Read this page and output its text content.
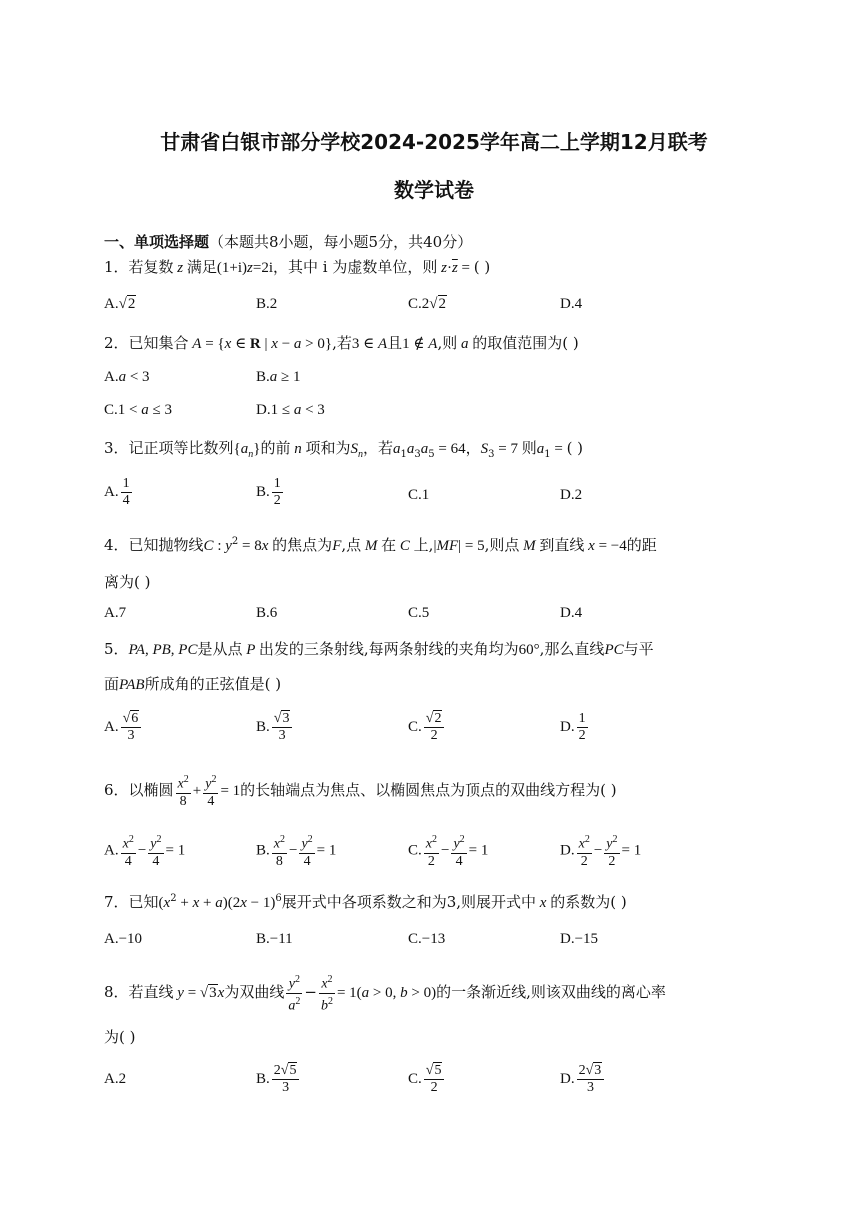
甘肃省白银市部分学校2024-2025学年高二上学期12月联考
数学试卷
一、单项选择题（本题共8小题，每小题5分，共40分）
1．若复数 z 满足(1+i)z=2i，其中 i 为虚数单位，则 $z\cdot\overline{z}$ = ( )
A.√2	B.2	C.2√2	D.4
2．已知集合 A = {x ∈ R | x − a > 0},若3 ∈ A且1 ∉ A,则 a 的取值范围为( )
A.a < 3	B.a ≥ 1
C.1 < a ≤ 3	D.1 ≤ a < 3
3．记正项等比数列$\{a_n\}$的前 n 项和为$S_n$，若$a_1a_3a_5 = 64$，$S_3 = 7$ 则$a_1$ = ( )
A. $\frac{1}{4}$	B. $\frac{1}{2}$	C.1	D.2
4．已知抛物线C : $y^2 = 8x$ 的焦点为F,点 M 在 C 上,|MF| = 5,则点 M 到直线 x = −4的距
离为( )
A.7	B.6	C.5	D.4
5．PA, PB, PC是从点 P 出发的三条射线,每两条射线的夹角均为60°,那么直线PC与平
面PAB所成角的正弦值是( )
A. $\frac{√6}{3}$	B. $\frac{√3}{3}$	C. $\frac{√2}{2}$	D. $\frac{1}{2}$
6．以椭圆 $\frac{x^2}{8} + \frac{y^2}{4} = 1$的长轴端点为焦点、以椭圆焦点为顶点的双曲线方程为( )
A. $\frac{x^2}{4} - \frac{y^2}{4} = 1$	B. $\frac{x^2}{8} - \frac{y^2}{4} = 1$	C. $\frac{x^2}{2} - \frac{y^2}{4} = 1$	D. $\frac{x^2}{2} - \frac{y^2}{2} = 1$
7．已知$(x^2 + x + a)(2x - 1)^6$展开式中各项系数之和为3,则展开式中 x 的系数为( )
A.−10	B.−11	C.−13	D.−15
8．若直线 y = √3x为双曲线 $\frac{y^2}{a^2} - \frac{x^2}{b^2} = 1(a > 0$, b > 0)的一条渐近线,则该双曲线的离心率
为( )
A.2	B. $\frac{2√5}{3}$	C. $\frac{√5}{2}$	D. $\frac{2√3}{3}$
